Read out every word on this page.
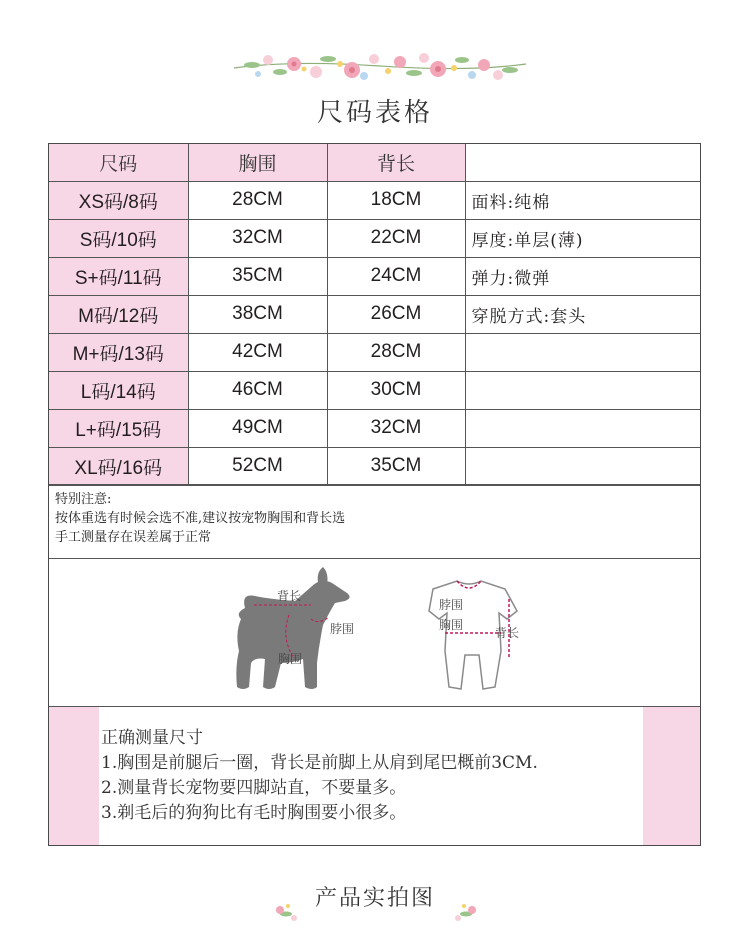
尺码表格
尺码	胸围	背长	
XS码/8码	28CM	18CM	面料:纯棉
S码/10码	32CM	22CM	厚度:单层(薄)
S+码/11码	35CM	24CM	弹力:微弹
M码/12码	38CM	26CM	穿脱方式:套头
M+码/13码	42CM	28CM	
L码/14码	46CM	30CM	
L+码/15码	49CM	32CM	
XL码/16码	52CM	35CM	
特别注意:
按体重选有时候会选不准,建议按宠物胸围和背长选
手工测量存在误差属于正常
背长
脖围
胸围
脖围
胸围
背长
正确测量尺寸
1.胸围是前腿后一圈，背长是前脚上从肩到尾巴概前3CM.
2.测量背长宠物要四脚站直，不要量多。
3.剃毛后的狗狗比有毛时胸围要小很多。
产品实拍图
